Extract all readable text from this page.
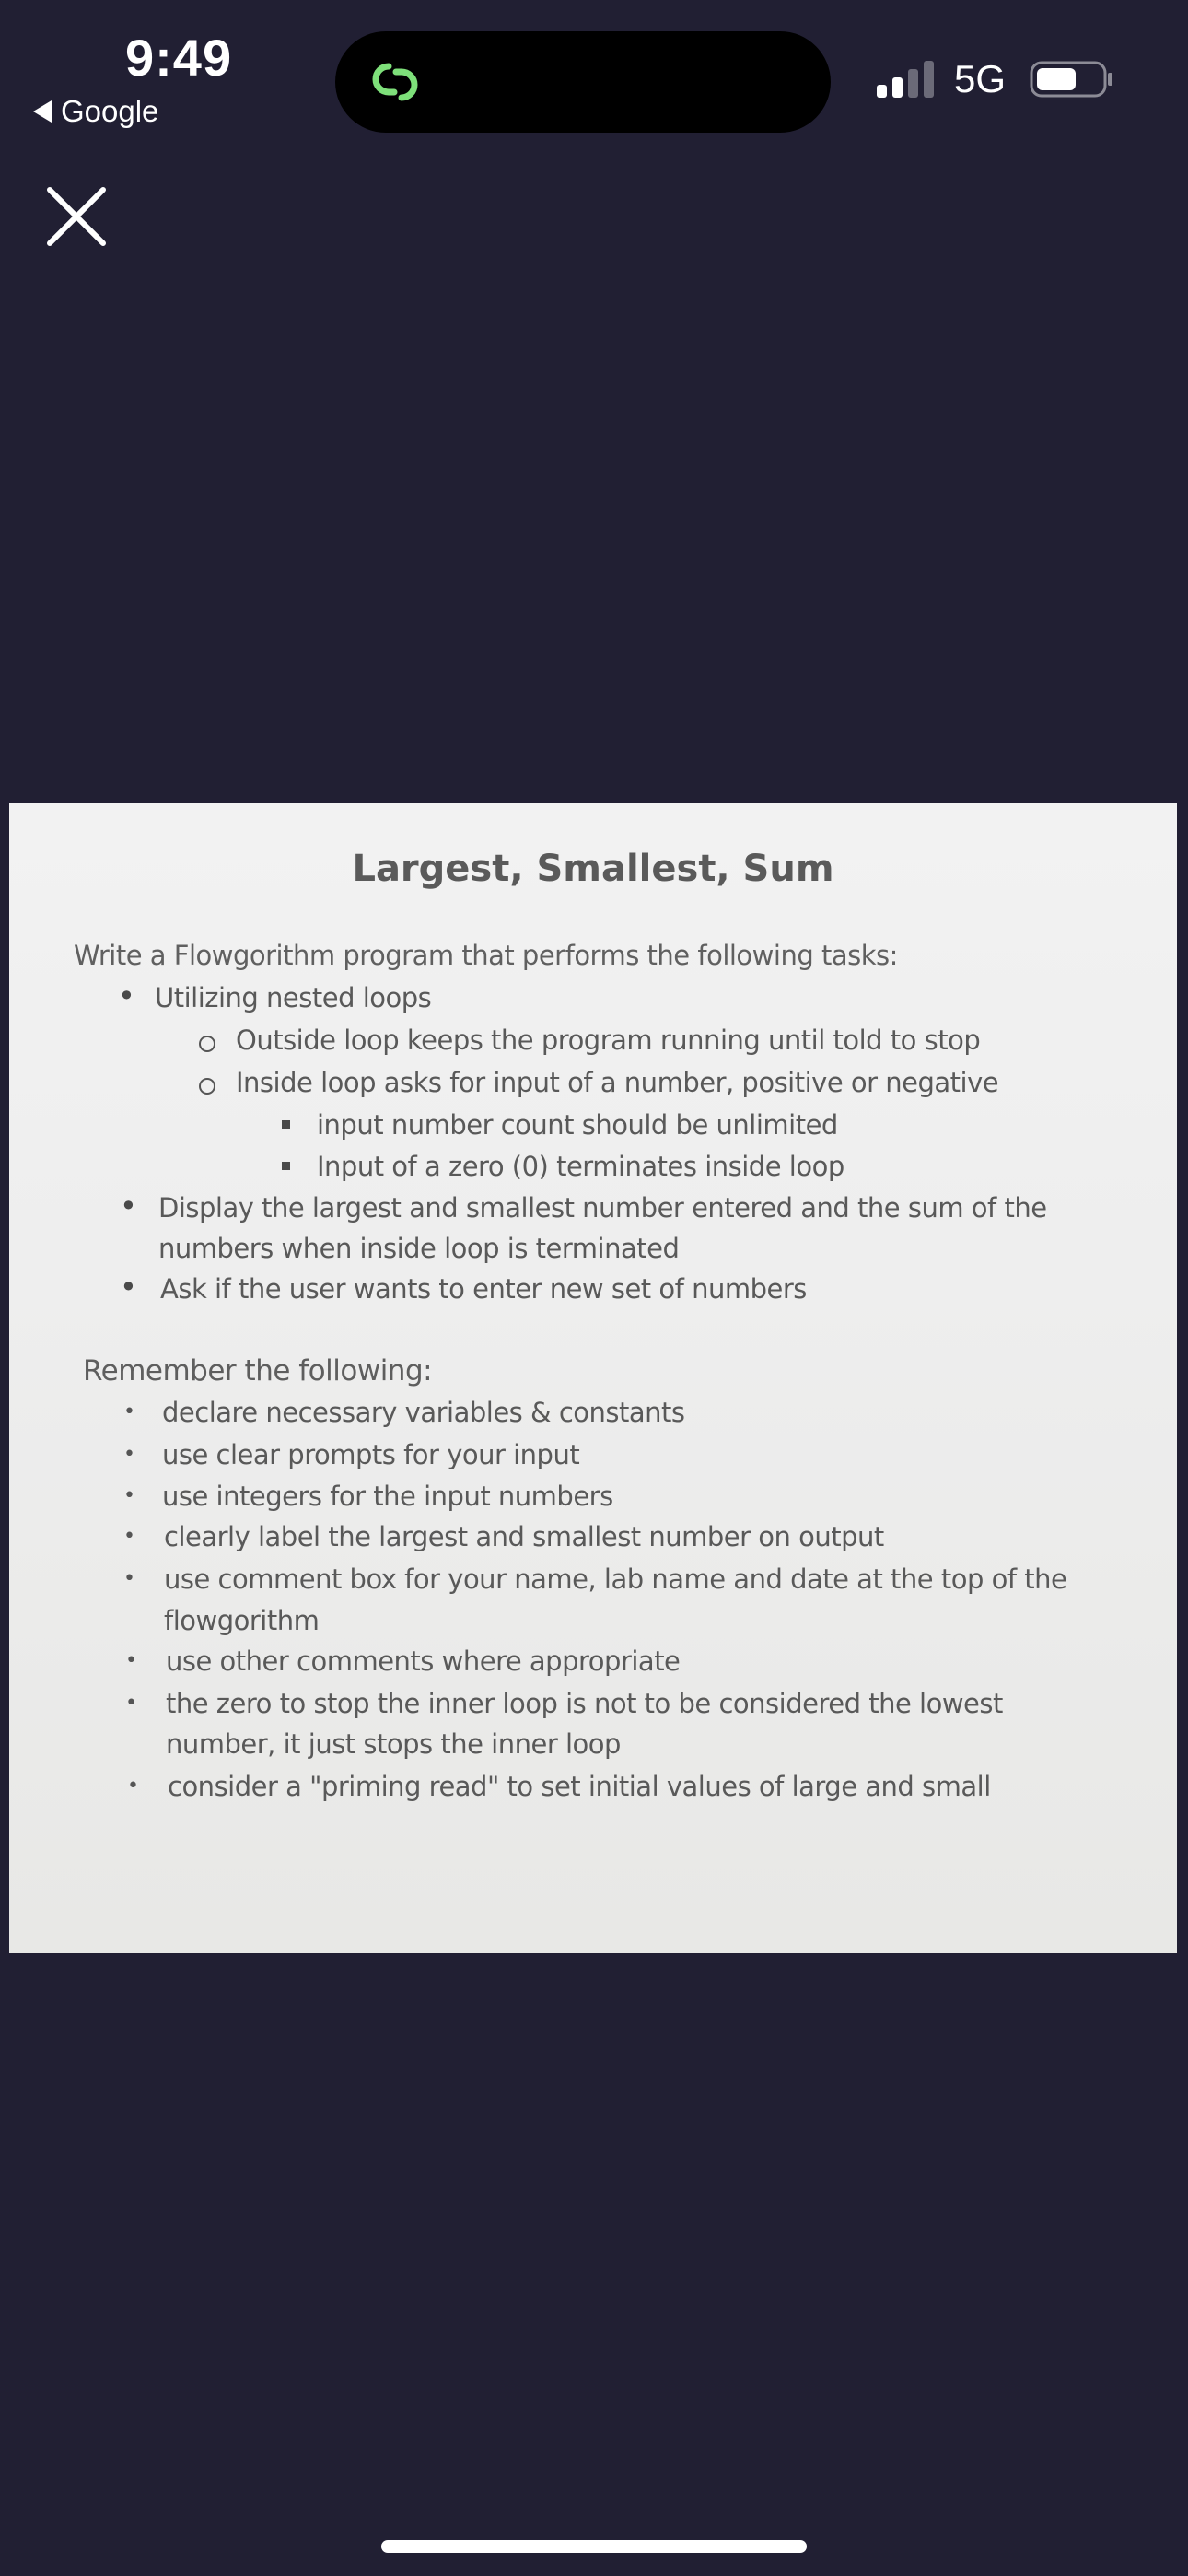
9:49
Google
5G
Largest, Smallest, Sum
Write a Flowgorithm program that performs the following tasks:
• Utilizing nested loops
Outside loop keeps the program running until told to stop
Inside loop asks for input of a number, positive or negative
input number count should be unlimited
Input of a zero (0) terminates inside loop
• Display the largest and smallest number entered and the sum of the
numbers when inside loop is terminated
• Ask if the user wants to enter new set of numbers
Remember the following:
• declare necessary variables & constants
• use clear prompts for your input
• use integers for the input numbers
• clearly label the largest and smallest number on output
• use comment box for your name, lab name and date at the top of the
flowgorithm
• use other comments where appropriate
• the zero to stop the inner loop is not to be considered the lowest
number, it just stops the inner loop
• consider a "priming read" to set initial values of large and small
